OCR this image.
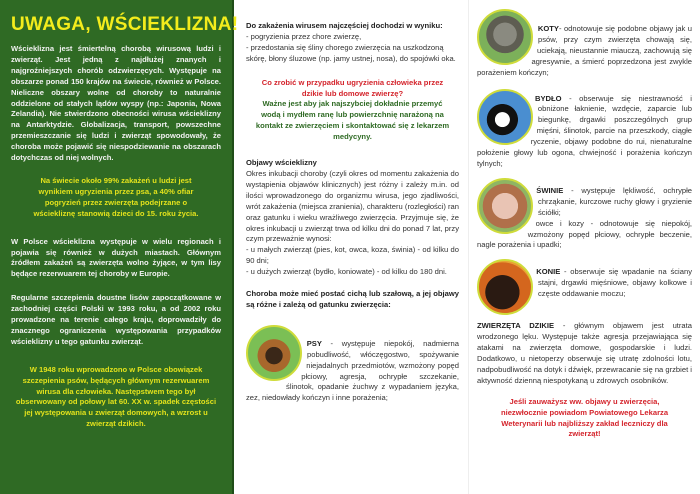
UWAGA, WŚCIEKLIZNA!

Wścieklizna jest śmiertelną chorobą wirusową ludzi i zwierząt. Jest jedną z najdłużej znanych i najgroźniejszych chorób odzwierzęcych. Występuje na obszarze ponad 150 krajów na świecie, również w Polsce. Nieliczne obszary wolne od choroby to naturalnie oddzielone od stałych lądów wyspy (np.: Japonia, Nowa Zelandia). Nie stwierdzono obecności wirusa wścieklizny na Antarktydzie. Globalizacja, transport, powszechne przemieszczanie się ludzi i zwierząt spowodowały, że choroba może pojawić się niespodziewanie na obszarach dotychczas od niej wolnych.

Na świecie około 99% zakażeń u ludzi jest wynikiem ugryzienia przez psa, a 40% ofiar pogryzień przez zwierzęta podejrzane o wściekliznę stanowią dzieci do 15. roku życia.

W Polsce wścieklizna występuje w wielu regionach i pojawia się również w dużych miastach. Głównym źródłem zakażeń są zwierzęta wolno żyjące, w tym lisy będące rezerwuarem tej choroby w Europie.

Regularne szczepienia doustne lisów zapoczątkowane w zachodniej części Polski w 1993 roku, a od 2002 roku prowadzone na terenie całego kraju, doprowadziły do znacznego ograniczenia występowania przypadków wścieklizny u tego gatunku zwierząt.

W 1948 roku wprowadzono w Polsce obowiązek szczepienia psów, będących głównym rezerwuarem wirusa dla człowieka. Następstwem tego był obserwowany od połowy lat 60. XX w. spadek częstości jej występowania u zwierząt domowych, a wzrost u zwierząt dzikich.

Do zakażenia wirusem najczęściej dochodzi w wyniku:

- pogryzienia przez chore zwierzę,

- przedostania się śliny chorego zwierzęcia na uszkodzoną skórę, błony śluzowe (np. jamy ustnej, nosa), do spojówki oka.

Co zrobić w przypadku ugryzienia człowieka przez dzikie lub domowe zwierzę?

Ważne jest aby jak najszybciej dokładnie przemyć wodą i mydłem ranę lub powierzchnię narażoną na kontakt ze zwierzęciem i skontaktować się z lekarzem medycyny.

Objawy wścieklizny

Okres inkubacji choroby (czyli okres od momentu zakażenia do wystąpienia objawów klinicznych) jest różny i zależy m.in. od ilości wprowadzonego do organizmu wirusa, jego zjadliwości, wrót zakażenia (miejsca zranienia), charakteru (rozległości) ran oraz gatunku i wieku wrażliwego zwierzęcia. Przyjmuje się, że okres inkubacji u zwierząt trwa od kilku dni do ponad 7 lat, przy czym przeważnie wynosi:

- u małych zwierząt (pies, kot, owca, koza, świnia) - od kilku do 90 dni;

- u dużych zwierząt (bydło, koniowate) - od kilku do 180 dni.

Choroba może mieć postać cichą lub szałową, a jej objawy są różne i zależą od gatunku zwierzęcia:

PSY - występuje niepokój, nadmierna pobudliwość, włóczęgostwo, spożywanie niejadalnych przedmiotów, wzmożony popęd płciowy, agresja, ochrypłe szczekanie, ślinotok, opadanie żuchwy z wypadaniem języka, zez, niedowłady kończyn i inne porażenia;

KOTY- odnotowuje się podobne objawy jak u psów, przy czym zwierzęta chowają się, uciekają, nieustannie miauczą, zachowują się agresywnie, a śmierć poprzedzona jest zwykle porażeniem kończyn;

BYDŁO - obserwuje się niestrawność i obniżone łaknienie, wzdęcie, zaparcie lub biegunkę, drgawki poszczególnych grup mięśni, ślinotok, parcie na przeszkody, ciągłe ryczenie, objawy podobne do rui, nienaturalne położenie głowy lub ogona, chwiejność i porażenia kończyn tylnych;

ŚWINIE - występuje lękliwość, ochrypłe chrząkanie, kurczowe ruchy głowy i gryzienie ściółki;

owce i kozy - odnotowuje się niepokój, wzmożony popęd płciowy, ochrypłe beczenie, nagle porażenia i upadki;

KONIE - obserwuje się wpadanie na ściany stajni, drgawki mięśniowe, objawy kolkowe i częste oddawanie moczu;

ZWIERZĘTA DZIKIE - głównym objawem jest utrata wrodzonego lęku. Występuje także agresja przejawiająca się atakami na zwierzęta domowe, gospodarskie i ludzi. Dodatkowo, u nietoperzy obserwuje się utratę zdolności lotu, nadpobudliwość na dotyk i dźwięk, przewracanie się na grzbiet i aktywność dzienną niespotykaną u zdrowych osobników.

Jeśli zauważysz ww. objawy u zwierzęcia, niezwłocznie powiadom Powiatowego Lekarza Weterynarii lub najbliższy zakład leczniczy dla zwierząt!
